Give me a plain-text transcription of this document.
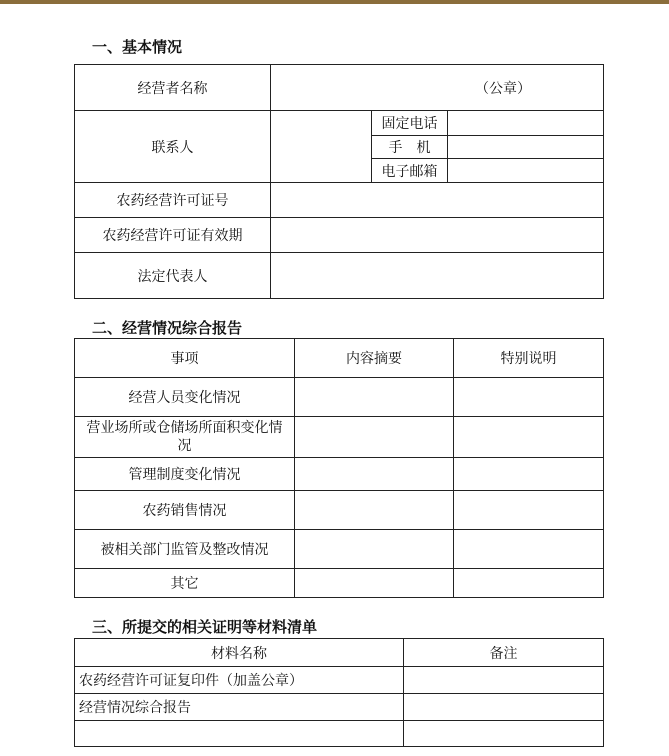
一、基本情况
经营者名称	（公章）		
联系人		固定电话	
		手　机	
		电子邮箱	
农药经营许可证号			
农药经营许可证有效期			
法定代表人			
二、经营情况综合报告
事项	内容摘要	特别说明
经营人员变化情况		
营业场所或仓储场所面积变化情况		
管理制度变化情况		
农药销售情况		
被相关部门监管及整改情况		
其它		
三、所提交的相关证明等材料清单
材料名称	备注
农药经营许可证复印件（加盖公章）	
经营情况综合报告	
